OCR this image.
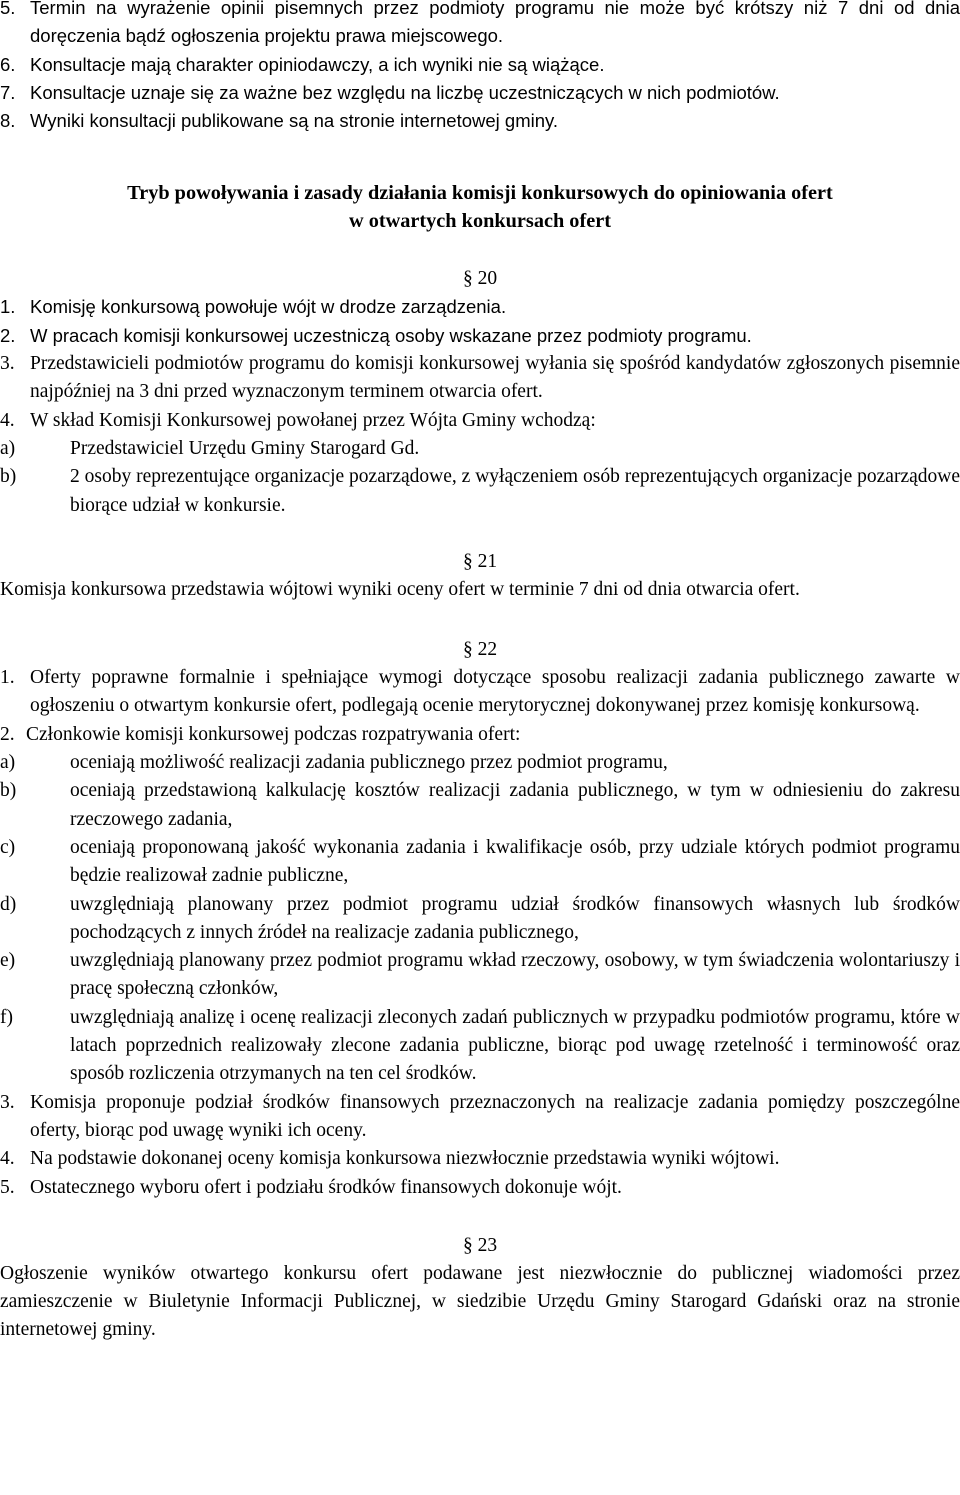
5. Termin na wyrażenie opinii pisemnych przez podmioty programu nie może być krótszy niż 7 dni od dnia doręczenia bądź ogłoszenia projektu prawa miejscowego.
6. Konsultacje mają charakter opiniodawczy, a ich wyniki nie są wiążące.
7. Konsultacje uznaje się za ważne bez względu na liczbę uczestniczących w nich podmiotów.
8. Wyniki konsultacji publikowane są na stronie internetowej gminy.
Tryb powoływania i zasady działania komisji konkursowych do opiniowania ofert
w otwartych konkursach ofert
§ 20
1. Komisję konkursową powołuje wójt w drodze zarządzenia.
2. W pracach komisji konkursowej uczestniczą osoby wskazane przez podmioty programu.
3. Przedstawicieli podmiotów programu do komisji konkursowej wyłania się spośród kandydatów zgłoszonych pisemnie najpóźniej na 3 dni przed wyznaczonym terminem otwarcia ofert.
4. W skład Komisji Konkursowej powołanej przez Wójta Gminy wchodzą:
a)	Przedstawiciel Urzędu Gminy Starogard Gd.
b)	2 osoby reprezentujące organizacje pozarządowe, z wyłączeniem osób reprezentujących organizacje pozarządowe biorące udział w konkursie.
§ 21
Komisja konkursowa przedstawia wójtowi wyniki oceny ofert w terminie 7 dni od dnia otwarcia ofert.
§ 22
1. Oferty poprawne formalnie i spełniające wymogi dotyczące sposobu realizacji zadania publicznego zawarte w ogłoszeniu o otwartym konkursie ofert, podlegają ocenie merytorycznej dokonywanej przez komisję konkursową.
2. Członkowie komisji konkursowej podczas rozpatrywania ofert:
a)	oceniają możliwość realizacji zadania publicznego przez podmiot programu,
b)	oceniają przedstawioną kalkulację kosztów realizacji zadania publicznego, w tym w odniesieniu do zakresu rzeczowego zadania,
c)	oceniają proponowaną jakość wykonania zadania i kwalifikacje osób, przy udziale których podmiot programu będzie realizował zadnie publiczne,
d)	uwzględniają planowany przez podmiot programu udział środków finansowych własnych lub środków pochodzących z innych źródeł na realizacje zadania publicznego,
e)	uwzględniają planowany przez podmiot programu wkład rzeczowy, osobowy, w tym świadczenia wolontariuszy i pracę społeczną członków,
f)	uwzględniają analizę i ocenę realizacji zleconych zadań publicznych w przypadku podmiotów programu, które w latach poprzednich realizowały zlecone zadania publiczne, biorąc pod uwagę rzetelność i terminowość oraz sposób rozliczenia otrzymanych na ten cel środków.
3. Komisja proponuje podział środków finansowych przeznaczonych na realizacje zadania pomiędzy poszczególne oferty, biorąc pod uwagę wyniki ich oceny.
4. Na podstawie dokonanej oceny komisja konkursowa niezwłocznie przedstawia wyniki wójtowi.
5. Ostatecznego wyboru ofert i podziału środków finansowych dokonuje wójt.
§ 23
Ogłoszenie wyników otwartego konkursu ofert podawane jest niezwłocznie do publicznej wiadomości przez zamieszczenie w Biuletynie Informacji Publicznej, w siedzibie Urzędu Gminy Starogard Gdański oraz na stronie internetowej gminy.
